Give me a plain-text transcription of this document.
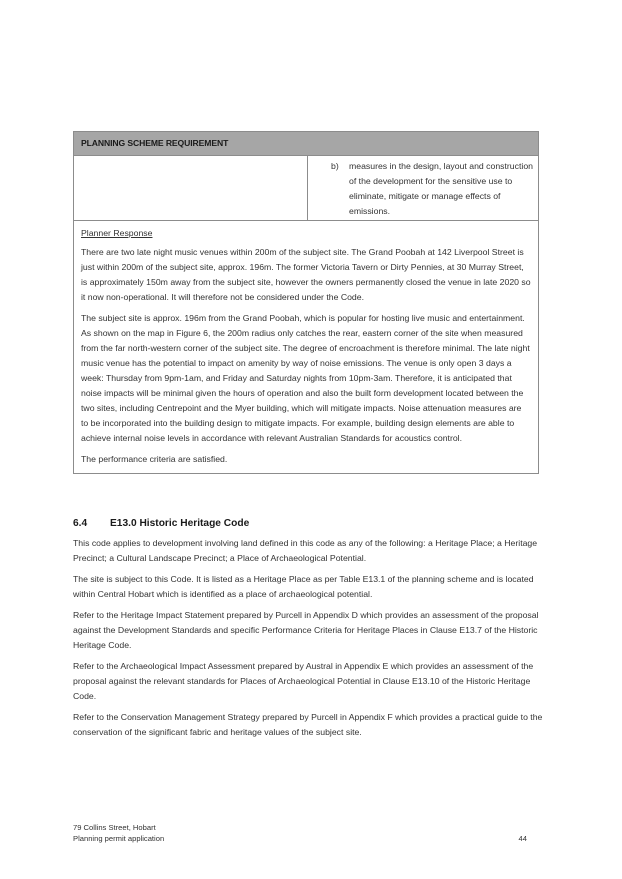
PLANNING SCHEME REQUIREMENT
b) measures in the design, layout and construction of the development for the sensitive use to eliminate, mitigate or manage effects of emissions.
Planner Response

There are two late night music venues within 200m of the subject site. The Grand Poobah at 142 Liverpool Street is just within 200m of the subject site, approx. 196m. The former Victoria Tavern or Dirty Pennies, at 30 Murray Street, is approximately 150m away from the subject site, however the owners permanently closed the venue in late 2020 so it now non-operational. It will therefore not be considered under the Code.

The subject site is approx. 196m from the Grand Poobah, which is popular for hosting live music and entertainment. As shown on the map in Figure 6, the 200m radius only catches the rear, eastern corner of the site when measured from the far north-western corner of the subject site. The degree of encroachment is therefore minimal. The late night music venue has the potential to impact on amenity by way of noise emissions. The venue is only open 3 days a week: Thursday from 9pm-1am, and Friday and Saturday nights from 10pm-3am. Therefore, it is anticipated that noise impacts will be minimal given the hours of operation and also the built form development located between the two sites, including Centrepoint and the Myer building, which will mitigate impacts. Noise attenuation measures are to be incorporated into the building design to mitigate impacts. For example, building design elements are able to achieve internal noise levels in accordance with relevant Australian Standards for acoustics control.

The performance criteria are satisfied.

6.4 E13.0 Historic Heritage Code

This code applies to development involving land defined in this code as any of the following: a Heritage Place; a Heritage Precinct; a Cultural Landscape Precinct; a Place of Archaeological Potential.

The site is subject to this Code. It is listed as a Heritage Place as per Table E13.1 of the planning scheme and is located within Central Hobart which is identified as a place of archaeological potential.

Refer to the Heritage Impact Statement prepared by Purcell in Appendix D which provides an assessment of the proposal against the Development Standards and specific Performance Criteria for Heritage Places in Clause E13.7 of the Historic Heritage Code.

Refer to the Archaeological Impact Assessment prepared by Austral in Appendix E which provides an assessment of the proposal against the relevant standards for Places of Archaeological Potential in Clause E13.10 of the Historic Heritage Code.

Refer to the Conservation Management Strategy prepared by Purcell in Appendix F which provides a practical guide to the conservation of the significant fabric and heritage values of the subject site.

79 Collins Street, Hobart
Planning permit application	44
